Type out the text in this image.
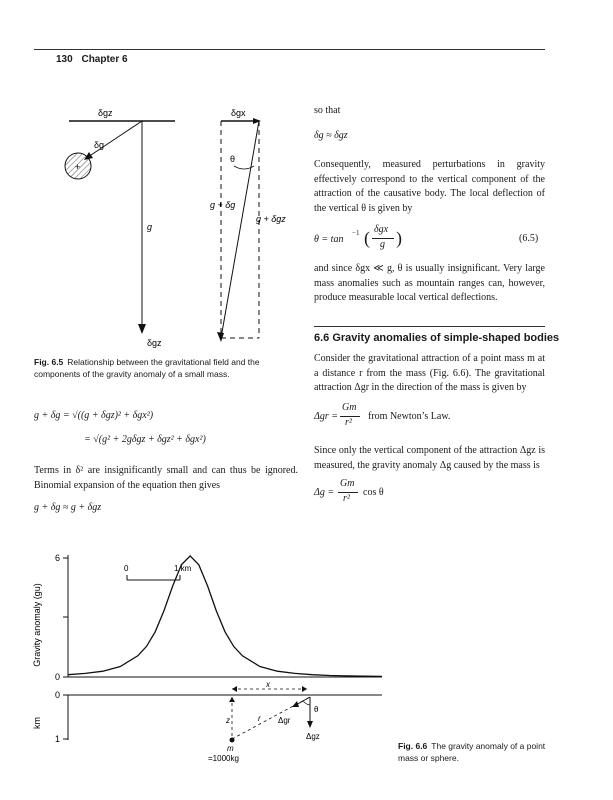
130 Chapter 6
δgz
g
δgz
δg
+
δgx
θ
g + δg
g + δgz
Fig. 6.5 Relationship between the gravitational field and the components of the gravity anomaly of a small mass.
g + δg = √((g + δgz)² + δgx²)
= √(g² + 2gδgz + δgz² + δgx²)
Terms in δ² are insignificantly small and can thus be ignored. Binomial expansion of the equation then gives
g + δg ≈ g + δgz
so that
δg ≈ δgz
Consequently, measured perturbations in gravity effectively correspond to the vertical component of the attraction of the causative body. The local deflection of the vertical θ is given by
θ = tan
−1 ( δgx
g )	(6.5)
and since δgx ≪ g, θ is usually insignificant. Very large mass anomalies such as mountain ranges can, however, produce measurable local vertical deflections.
6.6 Gravity anomalies of simple-shaped bodies
Consider the gravitational attraction of a point mass m at a distance r from the mass (Fig. 6.6). The gravitational attraction Δgr in the direction of the mass is given by
Δgr =
Gm
r²
from Newton’s Law.
Since only the vertical component of the attraction Δgz is measured, the gravity anomaly Δg caused by the mass is
Δg =
Gm
r²
cos θ
Gravity anomaly (gu)
6
0
0	1 km
km
0
1
x
z	r Δgr
Δgz
θ
m
=1000kg
Fig. 6.6 The gravity anomaly of a point mass or sphere.
